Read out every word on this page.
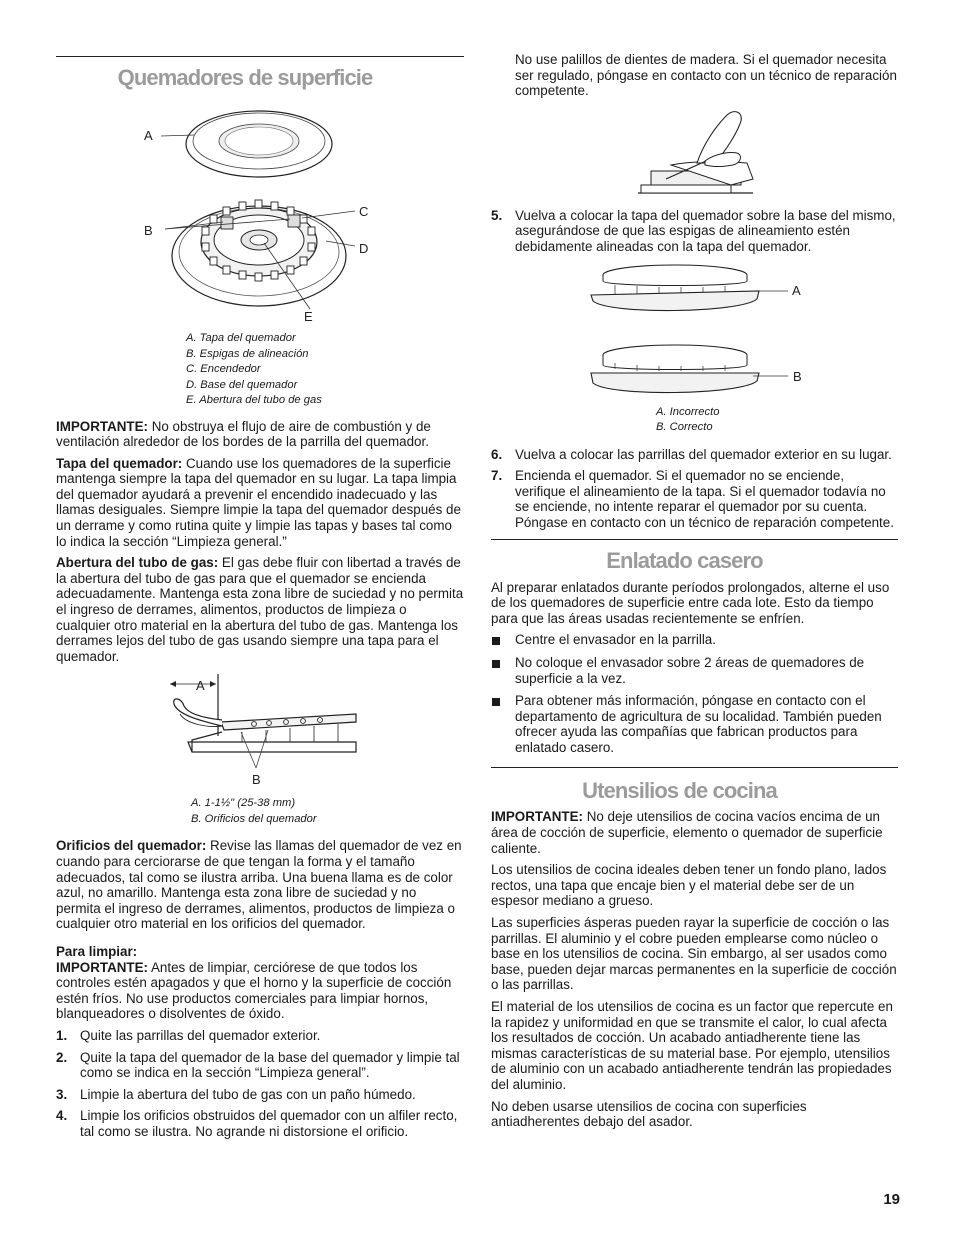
Quemadores de superficie
A
B
C
D
E
A. Tapa del quemador
B. Espigas de alineación
C. Encendedor
D. Base del quemador
E. Abertura del tubo de gas

IMPORTANTE: No obstruya el flujo de aire de combustión y de ventilación alrededor de los bordes de la parrilla del quemador.

Tapa del quemador: Cuando use los quemadores de la superficie mantenga siempre la tapa del quemador en su lugar. La tapa limpia del quemador ayudará a prevenir el encendido inadecuado y las llamas desiguales. Siempre limpie la tapa del quemador después de un derrame y como rutina quite y limpie las tapas y bases tal como lo indica la sección “Limpieza general.”

Abertura del tubo de gas: El gas debe fluir con libertad a través de la abertura del tubo de gas para que el quemador se encienda adecuadamente. Mantenga esta zona libre de suciedad y no permita el ingreso de derrames, alimentos, productos de limpieza o cualquier otro material en la abertura del tubo de gas. Mantenga los derrames lejos del tubo de gas usando siempre una tapa para el quemador.

A
B
A. 1-1½" (25-38 mm)
B. Orificios del quemador

Orificios del quemador: Revise las llamas del quemador de vez en cuando para cerciorarse de que tengan la forma y el tamaño adecuados, tal como se ilustra arriba. Una buena llama es de color azul, no amarillo. Mantenga esta zona libre de suciedad y no permita el ingreso de derrames, alimentos, productos de limpieza o cualquier otro material en los orificios del quemador.

Para limpiar:

IMPORTANTE: Antes de limpiar, cerciórese de que todos los controles estén apagados y que el horno y la superficie de cocción estén fríos. No use productos comerciales para limpiar hornos, blanqueadores o disolventes de óxido.

1. Quite las parrillas del quemador exterior.
2. Quite la tapa del quemador de la base del quemador y limpie tal como se indica en la sección “Limpieza general”.
3. Limpie la abertura del tubo de gas con un paño húmedo.
4. Limpie los orificios obstruidos del quemador con un alfiler recto, tal como se ilustra. No agrande ni distorsione el orificio.

No use palillos de dientes de madera. Si el quemador necesita ser regulado, póngase en contacto con un técnico de reparación competente.

5. Vuelva a colocar la tapa del quemador sobre la base del mismo, asegurándose de que las espigas de alineamiento estén debidamente alineadas con la tapa del quemador.
A
B
A. Incorrecto
B. Correcto
6. Vuelva a colocar las parrillas del quemador exterior en su lugar.
7. Encienda el quemador. Si el quemador no se enciende, verifique el alineamiento de la tapa. Si el quemador todavía no se enciende, no intente reparar el quemador por su cuenta. Póngase en contacto con un técnico de reparación competente.
Enlatado casero

Al preparar enlatados durante períodos prolongados, alterne el uso de los quemadores de superficie entre cada lote. Esto da tiempo para que las áreas usadas recientemente se enfríen.

Centre el envasador en la parrilla.
No coloque el envasador sobre 2 áreas de quemadores de superficie a la vez.
Para obtener más información, póngase en contacto con el departamento de agricultura de su localidad. También pueden ofrecer ayuda las compañías que fabrican productos para enlatado casero.
Utensilios de cocina

IMPORTANTE: No deje utensilios de cocina vacíos encima de un área de cocción de superficie, elemento o quemador de superficie caliente.

Los utensilios de cocina ideales deben tener un fondo plano, lados rectos, una tapa que encaje bien y el material debe ser de un espesor mediano a grueso.

Las superficies ásperas pueden rayar la superficie de cocción o las parrillas. El aluminio y el cobre pueden emplearse como núcleo o base en los utensilios de cocina. Sin embargo, al ser usados como base, pueden dejar marcas permanentes en la superficie de cocción o las parrillas.

El material de los utensilios de cocina es un factor que repercute en la rapidez y uniformidad en que se transmite el calor, lo cual afecta los resultados de cocción. Un acabado antiadherente tiene las mismas características de su material base. Por ejemplo, utensilios de aluminio con un acabado antiadherente tendrán las propiedades del aluminio.

No deben usarse utensilios de cocina con superficies antiadherentes debajo del asador.

19
